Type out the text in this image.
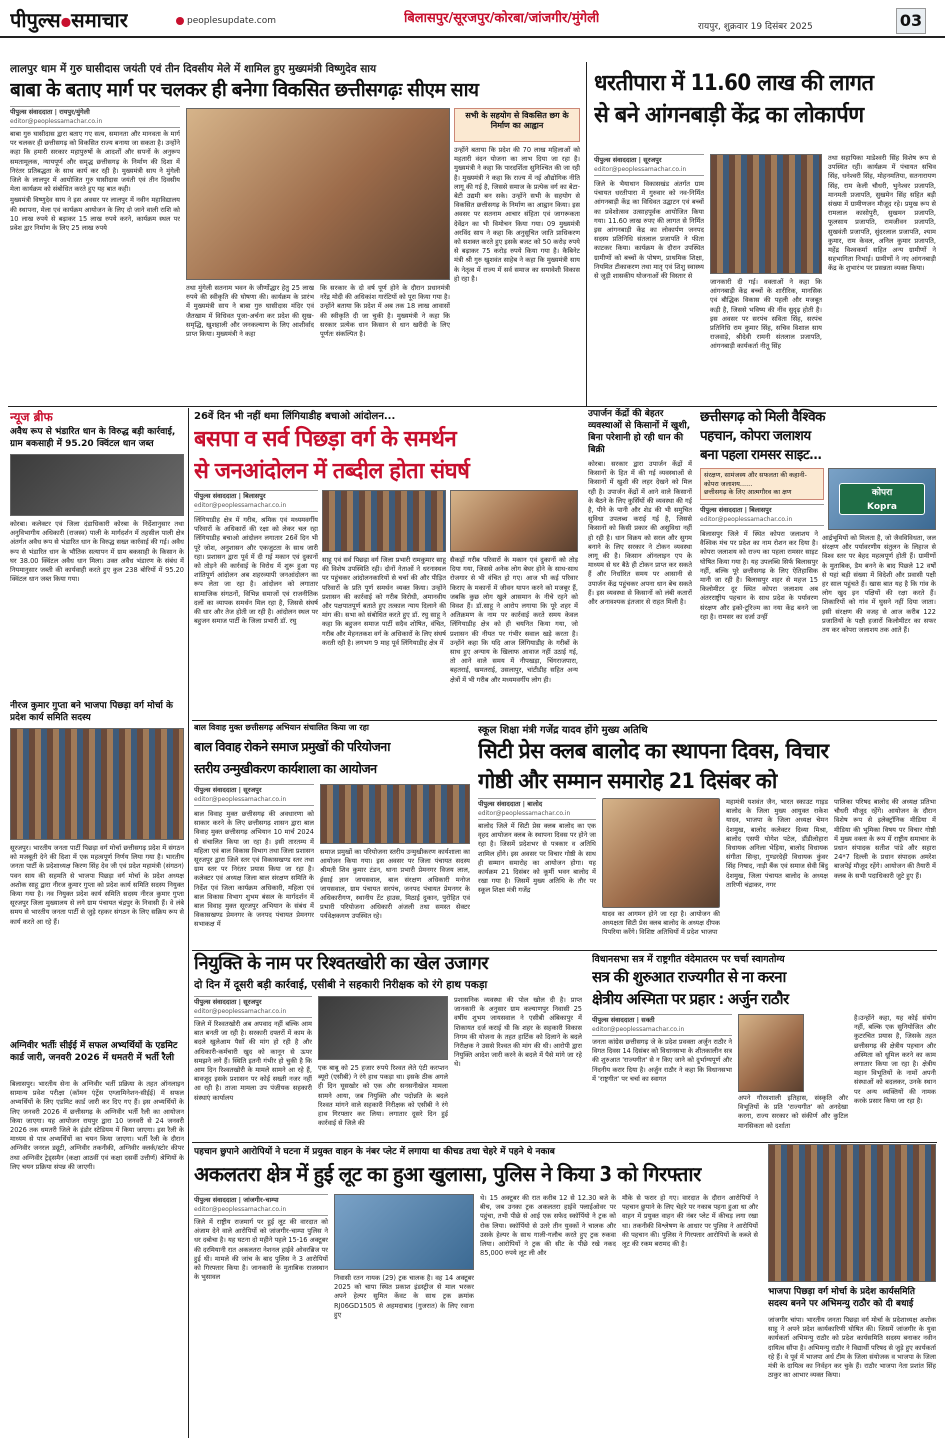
पीपुल्स●समाचार	peoplesupdate.com	बिलासपुर/सूरजपुर/कोरबा/जांजगीर/मुंगेली
रायपुर, शुक्रवार 19 दिसंबर 2025	03
लालपुर धाम में गुरु घासीदास जयंती एवं तीन दिवसीय मेले में शामिल हुए मुख्यमंत्री विष्णुदेव साय
बाबा के बताए मार्ग पर चलकर ही बनेगा विकसित छत्तीसगढ़ः सीएम साय
पीपुल्स संवाददाता | रायपुर/मुंगेली
editor@peoplessamachar.co.in
सभी के सहयोग से विकसित छग के निर्माण का आह्वान

उन्होंने बताया कि प्रदेश की 70 लाख महिलाओं को महतारी वंदन योजना का लाभ दिया जा रहा है। मुख्यमंत्री ने कहा कि पारदर्शिता सुनिश्चित की जा रही है। मुख्यमंत्री ने कहा कि राज्य में नई औद्योगिक नीति लागू की गई है, जिससे समाज के प्रत्येक वर्ग का बेटा-बेटी उद्यमी बन सके। उन्होंने सभी के सहयोग से विकसित छत्तीसगढ़ के निर्माण का आह्वान किया। इस अवसर पर सतनाम आचार संहिता एवं जागरूकता देवेंद्रन का भी विमोचन किया गया। 09 मुख्यमंत्री अरविंद साय ने कहा कि अनुसूचित जाति प्राधिकरण को सशक्त करते हुए इसके बजट को 50 करोड़ रुपये से बढ़ाकर 75 करोड़ रुपये किया गया है। कैबिनेट मंत्री श्री गुरु खुशवंत साहेब ने कहा कि मुख्यमंत्री साय के नेतृत्व में राज्य में सर्व समाज का समावेशी विकास हो रहा है।

बाबा गुरु घासीदास द्वारा बताए गए सत्य, समानता और मानवता के मार्ग पर चलकर ही छत्तीसगढ़ को विकसित राज्य बनाया जा सकता है। उन्होंने कहा कि हमारी सरकार महापुरुषों के आदर्शों और सपनों के अनुरूप समतामूलक, न्यायपूर्ण और समृद्ध छत्तीसगढ़ के निर्माण की दिशा में निरंतर प्रतिबद्धता के साथ कार्य कर रही है। मुख्यमंत्री साय ने मुंगेली जिले के लालपुर में आयोजित गुरु घासीदास जयंती एवं तीन दिवसीय मेला कार्यक्रम को संबोधित करते हुए यह बात कही।

मुख्यमंत्री विष्णुदेव साय ने इस अवसर पर लालपुर में नवीन महाविद्यालय की स्थापना, मेला एवं कार्यक्रम आयोजन के लिए दो जाने वाली राशि को 10 लाख रुपये से बढ़ाकर 15 लाख रुपये करने, कार्यक्रम स्थल पर प्रवेश द्वार निर्माण के लिए 25 लाख रुपये

तथा मुंगेली सतनाम भवन के जीर्णोद्धार हेतु 25 लाख रुपये की स्वीकृति की घोषणा की। कार्यक्रम के प्रारंभ में मुख्यमंत्री साय ने बाबा गुरु घासीदास मंदिर एवं जैतखाम में विधिवत पूजा-अर्चना कर प्रदेश की सुख-समृद्धि, खुशहाली और जनकल्याण के लिए आशीर्वाद प्राप्त किया। मुख्यमंत्री ने कहा

कि सरकार के दो वर्ष पूर्ण होने के दौरान प्रधानमंत्री नरेंद्र मोदी की अधिकांश गारंटियों को पूरा किया गया है। उन्होंने बताया कि प्रदेश में अब तक 18 लाख आवासों की स्वीकृति दी जा चुकी है। मुख्यमंत्री ने कहा कि सरकार प्रत्येक धान किसान से धान खरीदी के लिए पूर्णतः संकल्पित है।

धरतीपारा में 11.60 लाख की लागत
से बने आंगनबाड़ी केंद्र का लोकार्पण
पीपुल्स संवाददाता | सूरजपुर
editor@peoplessamachar.co.in

जिले के भैयाथान विकासखंड अंतर्गत ग्राम पंचायत धरतीपारा में गुरुवार को नव-निर्मित आंगनबाड़ी केंद्र का विधिवत उद्घाटन एवं बच्चों का प्रवेशोत्सव उत्साहपूर्वक आयोजित किया गया। 11.60 लाख रुपए की लागत से निर्मित इस आंगनबाड़ी केंद्र का लोकार्पण जनपद सदस्य प्रतिनिधि संतलाल प्रजापति ने फीता काटकर किया। कार्यक्रम के दौरान उपस्थित ग्रामीणों को बच्चों के पोषण, प्राथमिक शिक्षा, नियमित टीकाकरण तथा मातृ एवं शिशु स्वास्थ्य से जुड़ी शासकीय योजनाओं की विस्तार से

जानकारी दी गई। वक्ताओं ने कहा कि आंगनबाड़ी केंद्र बच्चों के शारीरिक, मानसिक एवं बौद्धिक विकास की पहली और मजबूत कड़ी है, जिससे भविष्य की नींव सुदृढ़ होती है। इस अवसर पर सरपंच सविता सिंह, सरपंच प्रतिनिधि राम कुमार सिंह, सचिव विशाल साय राजवाड़े, श्रीदेवी रामनी संतलाल प्रजापति, आंगनबाड़ी कार्यकर्ता नीतू सिंह

तथा सहायिका माडेश्वरी सिंह विशेष रूप से उपस्थित रहीं। कार्यक्रम में पंचायत सचिव सिंह, धनेश्वरी सिंह, मोहनमतिया, सतनारायण सिंह, राम केली चौधरी, भुनेश्वर प्रजापति, मानमती प्रजापति, सुखमेन सिंह सहित बड़ी संख्या में ग्रामीणजन मौजूद रहे। प्रमुख रूप से रामलाल कासोपुरी, सुखमन प्रजापति, फूलसाय प्रजापति, रामजीवन प्रजापति, सुखवंती प्रजापति, सुंदरलाल प्रजापति, श्याम कुमार, राम केवल, अनिल कुमार प्रजापति, महेंद्र विश्वकर्मा सहित अन्य ग्रामीणों ने सहभागिता निभाई। ग्रामीणों ने नए आंगनबाड़ी केंद्र के शुभारंभ पर प्रसन्नता व्यक्त किया।

न्यूज ब्रीफ
अवैध रूप से भंडारित धान के विरुद्ध बड़ी कार्रवाई, ग्राम बकसाही में 95.20 क्विंटल धान जब्त

कोरबा। कलेक्टर एवं जिला दंडाधिकारी कोरबा के निर्देशानुसार तथा अनुविभागीय अधिकारी (राजस्व) पाली के मार्गदर्शन में तहसील पाली क्षेत्र अंतर्गत अवैध रूप से भंडारित धान के विरुद्ध सख्त कार्रवाई की गई। अवैध रूप से भंडारित धान के भौतिक सत्यापन में ग्राम बकसाही के किसान के घर 38.00 क्विंटल अवैध धान मिला। उक्त अवैध भंडारण के संबंध में नियमानुसार जब्ती की कार्यवाही करते हुए कुल 238 बोरियों में 95.20 क्विंटल धान जब्त किया गया।

नीरज कुमार गुप्ता बने भाजपा पिछड़ा वर्ग मोर्चा के प्रदेश कार्य समिति सदस्य

सूरजपुर। भारतीय जनता पार्टी पिछड़ा वर्ग मोर्चा छत्तीसगढ़ प्रदेश में संगठन को मजबूती देने की दिशा में एक महत्वपूर्ण निर्णय लिया गया है। भारतीय जनता पार्टी के प्रदेशाध्यक्ष किरण सिंह देव जी एवं प्रदेश महामंत्री (संगठन) पवन साय की सहमति से भाजपा पिछड़ा वर्ग मोर्चा के प्रदेश अध्यक्ष अशोक साहू द्वारा नीरज कुमार गुप्ता को प्रदेश कार्य समिति सदस्य नियुक्त किया गया है। नव नियुक्त प्रदेश कार्य समिति सदस्य नीरज कुमार गुप्ता सूरजपुर जिला मुख्यालय से लगे ग्राम पंचायत चंद्रपुर के निवासी हैं। वे लंबे समय से भारतीय जनता पार्टी से जुड़े रहकर संगठन के लिए सक्रिय रूप से कार्य करते आ रहे हैं।

अग्निवीर भर्तीः सीईई में सफल अभ्यर्थियों के एडमिट कार्ड जारी, जनवरी 2026 में धमतरी में भर्ती रैली

बिलासपुर। भारतीय सेना के अग्निवीर भर्ती प्रक्रिया के तहत ऑनलाइन सामान्य प्रवेश परीक्षा (कॉमन एंट्रेंस एग्जामिनेशन-सीईई) में सफल अभ्यर्थियों के लिए एडमिट कार्ड जारी कर दिए गए हैं। इस अभ्यर्थियों के लिए जनवरी 2026 में छत्तीसगढ़ के अग्निवीर भर्ती रैली का आयोजन किया जाएगा। यह आयोजन रायपुर द्वारा 10 जनवरी से 24 जनवरी 2026 तक धमतरी जिले के इंडोर स्टेडियम में किया जाएगा। इस रैली के माध्यम से पात्र अभ्यर्थियों का चयन किया जाएगा। भर्ती रैली के दौरान अग्निवीर जनरल ड्यूटी, अग्निवीर तकनीकी, अग्निवीर क्लर्क/स्टोर कीपर तथा अग्निवीर ट्रेड्समैन (कक्षा आठवीं एवं कक्षा दसवीं उत्तीर्ण) श्रेणियों के लिए चयन प्रक्रिया संपन्न की जाएगी।

26वें दिन भी नहीं थमा लिंगियाडीह बचाओ आंदोलन...
बसपा व सर्व पिछड़ा वर्ग के समर्थन
से जनआंदोलन में तब्दील होता संघर्ष
पीपुल्स संवाददाता | बिलासपुर
editor@peoplessamachar.co.in

लिंगियाडीह क्षेत्र में गरीब, श्रमिक एवं मध्यमवर्गीय परिवारों के अधिकारों की रक्षा को लेकर चल रहा लिंगियाडीह बचाओ आंदोलन लगातार 26वें दिन भी पूरे जोश, अनुशासन और एकजुटता के साथ जारी रहा। प्रशासन द्वारा पूर्व में दी गई मकान एवं दुकानों को तोड़ने की कार्रवाई के विरोध में शुरू हुआ यह शांतिपूर्ण आंदोलन अब शहरव्यापी जनआंदोलन का रूप लेता जा रहा है। आंदोलन को लगातार सामाजिक संगठनों, विभिन्न समाजों एवं राजनीतिक दलों का व्यापक समर्थन मिल रहा है, जिससे संघर्ष की धार और तेज होती जा रही है। आंदोलन स्थल पर बहुजन समाज पार्टी के जिला प्रभारी डॉ. रघु

साहू एवं सर्व पिछड़ा वर्ग जिला प्रभारी रामकुमार साहू की विशेष उपस्थिति रही। दोनों नेताओं ने धरनास्थल पर पहुंचकर आंदोलनकारियों से चर्चा की और पीड़ित परिवारों के प्रति पूर्ण समर्थन व्यक्त किया। उन्होंने प्रशासन की कार्रवाई को गरीब विरोधी, अमानवीय और पक्षपातपूर्ण बताते हुए तत्काल न्याय दिलाने की मांग की। सभा को संबोधित करते हुए डॉ. रघु साहू ने कहा कि बहुजन समाज पार्टी सदैव शोषित, वंचित, गरीब और मेहनतकश वर्ग के अधिकारों के लिए संघर्ष करती रही है। लगभग 9 माह पूर्व लिंगियाडीह क्षेत्र में

सैकड़ों गरीब परिवारों के मकान एवं दुकानों को तोड़ दिया गया, जिससे अनेक लोग बेघर होने के साथ-साथ रोजगार से भी वंचित हो गए। आज भी कई परिवार किराए के मकानों में जीवन यापन करने को मजबूर हैं, जबकि कुछ लोग खुले आसमान के नीचे रहने को विवश हैं। डॉ.साहू ने आरोप लगाया कि पूरे शहर में अतिक्रमण के नाम पर कार्रवाई करते समय केवल लिंगियाडीह क्षेत्र को ही चयनित किया गया, जो प्रशासन की नीयत पर गंभीर सवाल खड़े करता है। उन्होंने कहा कि यदि आज लिंगियाडीह के गरीबों के साथ हुए अन्याय के खिलाफ आवाज नहीं उठाई गई, तो आने वाले समय में नीपखड़ा, चिंगराजपारा, बहतराई, खमतराई, उसलापुर, चांटीडीह सहित अन्य क्षेत्रों में भी गरीब और मध्यमवर्गीय लोग ही।

उपार्जन केंद्रों की बेहतर व्यवस्थाओं से किसानों में खुशी, बिना परेशानी हो रही धान की बिक्री

कोरबा। सरकार द्वारा उपार्जन केंद्रों में किसानों के हित में की गई व्यवस्थाओं से किसानों में खुशी की लहर देखने को मिल रही है। उपार्जन केंद्रों में आने वाले किसानों के बैठने के लिए कुर्सियों की व्यवस्था की गई है, पीने के पानी और शेड की भी समुचित सुविधा उपलब्ध कराई गई है, जिससे किसानों को किसी प्रकार की असुविधा नहीं हो रही है। धान विक्रय को सरल और सुगम बनाने के लिए सरकार ने टोकन व्यवस्था लागू की है। किसान ऑनलाइन एप के माध्यम से घर बैठे ही टोकन प्राप्त कर सकते हैं और निर्धारित समय पर आसानी से उपार्जन केंद्र पहुंचकर अपना धान बेच सकते हैं। इस व्यवस्था से किसानों को लंबी कतारों और अनावश्यक इंतजार से राहत मिली है।

छत्तीसगढ़ को मिली वैश्विक
पहचान, कोपरा जलाशय
बना पहला रामसर साइट...
संरक्षण, सामंजस्य और सफलता की कहानी-कोपरा जलाशय......
छत्तीसगढ़ के लिए आत्मगौरव का क्षण	कोपरा
Kopra
पीपुल्स संवाददाता | बिलासपुर
editor@peoplessamachar.co.in

बिलासपुर जिले में स्थित कोपरा जलाशय ने वैश्विक मंच पर प्रदेश का नाम रोशन कर दिया है। कोपरा जलाशय को राज्य का पहला रामसर साइट घोषित किया गया है। यह उपलब्धि सिर्फ बिलासपुर नहीं, बल्कि पूरे छत्तीसगढ़ के लिए ऐतिहासिक मानी जा रही है। बिलासपुर शहर से महज 15 किलोमीटर दूर स्थित कोपरा जलाशय अब अंतरराष्ट्रीय पहचान के साथ प्रदेश के पर्यावरण संरक्षण और इको-टूरिज्म का नया केंद्र बनने जा रहा है। रामसर का दर्जा उन्हीं

आर्द्रभूमियों को मिलता है, जो जैवविविधता, जल संरक्षण और पर्यावरणीय संतुलन के लिहाज से विश्व स्तर पर बेहद महत्वपूर्ण होती हैं। ग्रामीणों के मुताबिक, डैम बनने के बाद पिछले 12 वर्षों से यहां बड़ी संख्या में विदेशी और प्रवासी पक्षी हर साल पहुंचते हैं। खास बात यह है कि गांव के लोग खुद इन पक्षियों की रक्षा करते हैं। शिकारियों को गांव में घुसने नहीं दिया जाता। इसी संरक्षण की वजह से आज करीब 122 प्रजातियों के पक्षी हजारों किलोमीटर का सफर तय कर कोपरा जलाशय तक आते हैं।

बाल विवाह मुक्त छत्तीसगढ़ अभियान संचालित किया जा रहा
बाल विवाह रोकने समाज प्रमुखों की परियोजना
स्तरीय उन्मुखीकरण कार्यशाला का आयोजन
पीपुल्स संवाददाता | सूरजपुर
editor@peoplessamachar.co.in

बाल विवाह मुक्त छत्तीसगढ़ की अवधारणा को साकार करने के लिए छत्तीसगढ़ शासन द्वारा बाल विवाह मुक्त छत्तीसगढ़ अभियान 10 मार्च 2024 से संचालित किया जा रहा है। इसी तारतम्य में महिला एवं बाल विकास विभाग तथा जिला प्रशासन सूरजपुर द्वारा जिले स्तर एवं विकासखण्ड स्तर तथा ग्राम स्तर पर निरंतर प्रयास किया जा रहा है। कलेक्टर एवं अध्यक्ष जिला बाल संरक्षण समिति के निर्देश एवं जिला कार्यक्रम अधिकारी, महिला एवं बाल विकास विभाग शुभम बंसल के मार्गदर्शन में बाल विवाह मुक्त सूरजपुर अभियान के संबंध में विकासखण्ड प्रेमनगर के जनपद पंचायत प्रेमनगर सभाकक्ष में

समाज प्रमुखों का परियोजना स्तरीय उन्मुखीकरण कार्यशाला का आयोजन किया गया। इस अवसर पर जिला पंचायत सदस्य श्रीमती शिव कुमार टंडन, थाना प्रभारी प्रेमनगर विजय लाल, ईसाई ज्ञान जायसवाल, बाल संरक्षण अधिकारी मनोज जायसवाल, ग्राम पंचायत सरपंच, जनपद पंचायत प्रेमनगर के अधिकारीगण, स्थानीय टेंट हाउस, मिठाई दुकान, पुरोहित एवं प्रभारी परियोजना अधिकारी अंजली तथा समस्त सेक्टर पर्यवेक्षकगण उपस्थित रहे।

स्कूल शिक्षा मंत्री गजेंद्र यादव होंगे मुख्य अतिथि
सिटी प्रेस क्लब बालोद का स्थापना दिवस, विचार
गोष्ठी और सम्मान समारोह 21 दिसंबर को
पीपुल्स संवाददाता | बालोद
editor@peoplessamachar.co.in

बालोद जिले में सिटी प्रेस क्लब बालोद का एक वृहद आयोजन क्लब के स्थापना दिवस पर होने जा रहा है। जिसमें प्रदेशभर से पत्रकार व अतिथि शामिल होंगे। इस अवसर पर विचार गोष्ठी के साथ ही सम्मान समारोह का आयोजन होगा। यह कार्यक्रम 21 दिसंबर को कूर्मी भवन बालोद में रखा गया है। जिसमें मुख्य अतिथि के तौर पर स्कूल शिक्षा मंत्री गजेंद्र

यादव का आगमन होने जा रहा है। आयोजन की अध्यक्षता सिटी प्रेस क्लब बालोद के अध्यक्ष दीपक पिपरिया करेंगे। विशिष्ट अतिथियों में प्रदेश भाजपा

महामंत्री यशवंत जैन, भारत स्काउट गाइड बालोद के जिला मुख्य आयुक्त राकेश यादव, भाजपा के जिला अध्यक्ष चेमन देशमुख, बालोद कलेक्टर दिव्या मिश्रा, बालोद एसपी योगेश पटेल, डौंडीलोहारा विधायक अनिला भेड़िया, बालोद विधायक संगीता सिन्हा, गुण्डरदेही विधायक कुंवर सिंह निषाद, नाड़ी बैंक एवं समाज सेवी बिंदु देशमुख, जिला पंचायत बालोद के अध्यक्ष तारिणी चंद्राकर, नगर

पालिका परिषद बालोद की अध्यक्ष प्रतिभा चौधरी मौजूद रहेंगे। आयोजन के दौरान विशेष रूप से इलेक्ट्रॉनिक मीडिया में मीडिया की भूमिका विषय पर विचार गोष्ठी में मुख्य वक्ता के रूप में राष्ट्रीय समाचार के प्रधान संपादक सतीश पांडे और सहारा 24*7 दिल्ली के प्रधान संपादक अमरेश बाजपेई मौजूद रहेंगे। आयोजन की तैयारी में क्लब के सभी पदाधिकारी जुटे हुए हैं।

नियुक्ति के नाम पर रिश्वतखोरी का खेल उजागर
दो दिन में दूसरी बड़ी कार्रवाई, एसीबी ने सहकारी निरीक्षक को रंगे हाथ पकड़ा
पीपुल्स संवाददाता | सूरजपुर
editor@peoplessamachar.co.in

जिले में रिश्वतखोरी अब अपवाद नहीं बल्कि आम बात बनती जा रही है। सरकारी दफ्तरों में काम के बदले खुलेआम पैसों की मांग हो रही है और अधिकारी-कर्मचारी खुद को कानून से ऊपर समझने लगे हैं। स्थिति इतनी गंभीर हो चुकी है कि आम दिन रिश्वतखोरी के मामले सामने आ रहे हैं, बावजूद इसके प्रशासन पर कोई सख्ती नजर नहीं आ रही है। ताजा मामला उप पंजीयक सहकारी संस्थाएं कार्यालय

एक बाबू को 25 हजार रुपये रिश्वत लेते एंटी करप्शन ब्यूरो (एसीबी) ने रंगे हाथ पकड़ा था। इसके ठीक अगले ही दिन घूसखोर को एक और सनसनीखेज मामला सामने आया, जब नियुक्ति और पदोन्नति के बदले रिश्वत मांगने वाले सहकारी निरीक्षक को एसीबी ने रंगे हाथ गिरफ्तार कर लिया। लगातार दूसरे दिन हुई कार्रवाई से जिले की

प्रशासनिक व्यवस्था की पोल खोल दी है। प्राप्त जानकारी के अनुसार ग्राम कल्याणपुर निवासी 25 वर्षीय शुभम जायसवाल ने एसीबी अंबिकापुर में शिकायत दर्ज कराई थी कि शहर के सहकारी विकास निगम की योजना के तहत हार्टिक को दिलाने के बदले निरीक्षक ने उससे रिश्वत की मांग की थी। आरोपी द्वारा नियुक्ति आदेश जारी करने के बदले में पैसे मांगे जा रहे थे।

विधानसभा सत्र में राष्ट्रगीत वंदेमातरम पर चर्चा स्वागतोग्य
सत्र की शुरुआत राज्यगीत से ना करना
क्षेत्रीय अस्मिता पर प्रहार : अर्जुन राठौर
पीपुल्स संवाददाता | सक्ती
editor@peoplessamachar.co.in

जनता कांग्रेस छत्तीसगढ़ जे के प्रदेश प्रवक्ता अर्जुन राठौर ने विगत दिवस 14 दिसंबर को विधानसभा के शीतकालीन सत्र की शुरुआत 'राज्यगीत' से न किए जाने को दुर्भाग्यपूर्ण और निंदनीय करार दिया है। अर्जुन राठौर ने कहा कि विधानसभा में 'राष्ट्रगीत' पर चर्चा का स्वागत

अपने गौरवशाली इतिहास, संस्कृति और विभूतियों के प्रति 'राज्यगीत' को अनदेखा करना, राज्य सरकार को संकीर्ण और कुटिल मानसिकता को दर्शाता

है।उन्होंने कहा, यह कोई संयोग नहीं, बल्कि एक सुनियोजित और कुटरचित प्रयास है, जिसके तहत छत्तीसगढ़ की क्षेत्रीय पहचान और अस्मिता को धूमिल करने का काम लगातार किया जा रहा है। क्षेत्रीय महान विभूतियों के नामों अपनी संस्थाओं को बदलकर, उनके स्थान पर अन्य व्यक्तियों की नामक करके प्रसार किया जा रहा है।

पहचान छुपाने आरोपियों ने घटना में प्रयुक्त वाहन के नंबर प्लेट में लगाया था कीचड तथा चेहरे में पहने थे नकाब
अकलतरा क्षेत्र में हुई लूट का हुआ खुलासा, पुलिस ने किया 3 को गिरफ्तार
पीपुल्स संवाददाता | जांजगीर-चाम्पा
editor@peoplessamachar.co.in

जिले में राष्ट्रीय राजमार्ग पर हुई लूट की वारदात को अंजाम देने वाले आरोपियों को जांजगीर-चाम्पा पुलिस ने धर दबोचा है। यह घटना दो महीने पहले 15-16 अक्टूबर की दरमियानी रात अकलतरा नेशनल हाईवे ओवरब्रिज पर हुई थी। मामले की जांच के बाद पुलिस ने 3 आरोपियों को गिरफ्तार किया है। जानकारी के मुताबिक राजस्थान के भुसावल	निवासी रतन नायक (29) ट्रक चालक है। वह 14 अक्टूबर 2025 को चापा स्थित प्रकाश इंडस्ट्रीज से माल भरकर अपने हेल्पर सुमित केंवट के साथ ट्रक क्रमांक RJ06GD1505 से अहमदाबाद (गुजरात) के लिए रवाना हुए

थे। 15 अक्टूबर की रात करीब 12 से 12.30 बजे के बीच, जब उनका ट्रक अकलतरा हाईवे फ्लाईओवर पर पहुंचा, तभी पीछे से आई एक सफेद स्कॉर्पियो ने ट्रक को रोक लिया। स्कॉर्पियो से उतरे तीन युवकों ने चालक और उसके हेल्पर के साथ गाली-गलौच करते हुए ट्रक रुकवा लिया। आरोपियों ने ट्रक की सीट के पीछे रखे नकद 85,000 रुपये लूट ली और

मौके से फरार हो गए। वारदात के दौरान आरोपियों ने पहचान छुपाने के लिए चेहरे पर नकाब पहना हुआ था और वाहन में प्रयुक्त वाहन की नंबर प्लेट में कीचड़ लगा रखा था। तकनीकी विश्लेषण के आधार पर पुलिस ने आरोपियों की पहचान की। पुलिस ने गिरफ्तार आरोपियों के कब्जे से लूट की रकम बरामद की है।

भाजपा पिछड़ा वर्ग मोर्चा के प्रदेश कार्यसमिति सदस्य बनने पर अभिमन्यु राठौर को दी बधाई

जांजगीर चांपा। भारतीय जनता पिछड़ा वर्ग मोर्चा के प्रदेशाध्यक्ष अशोक साहू ने अपने प्रदेश कार्यकारिणी घोषित की। जिसमें जांजगीर के युवा कार्यकर्ता अभिमन्यु राठौर को प्रदेश कार्यसमिति सदस्य बनाकर नवीन दायित्व सौंपा है। अभिमन्यु राठौर ने विद्यार्थी परिषद से जुड़े हुए कार्यकर्ता रहे हैं। वे पूर्व में भाजपा अर्ध टीम के जिला संयोजक व भाजपा के जिला मंत्री के दायित्व का निर्वहन कर चुके हैं। राठौर भाजपा नेता प्रशांत सिंह ठाकुर का आभार व्यक्त किया।
